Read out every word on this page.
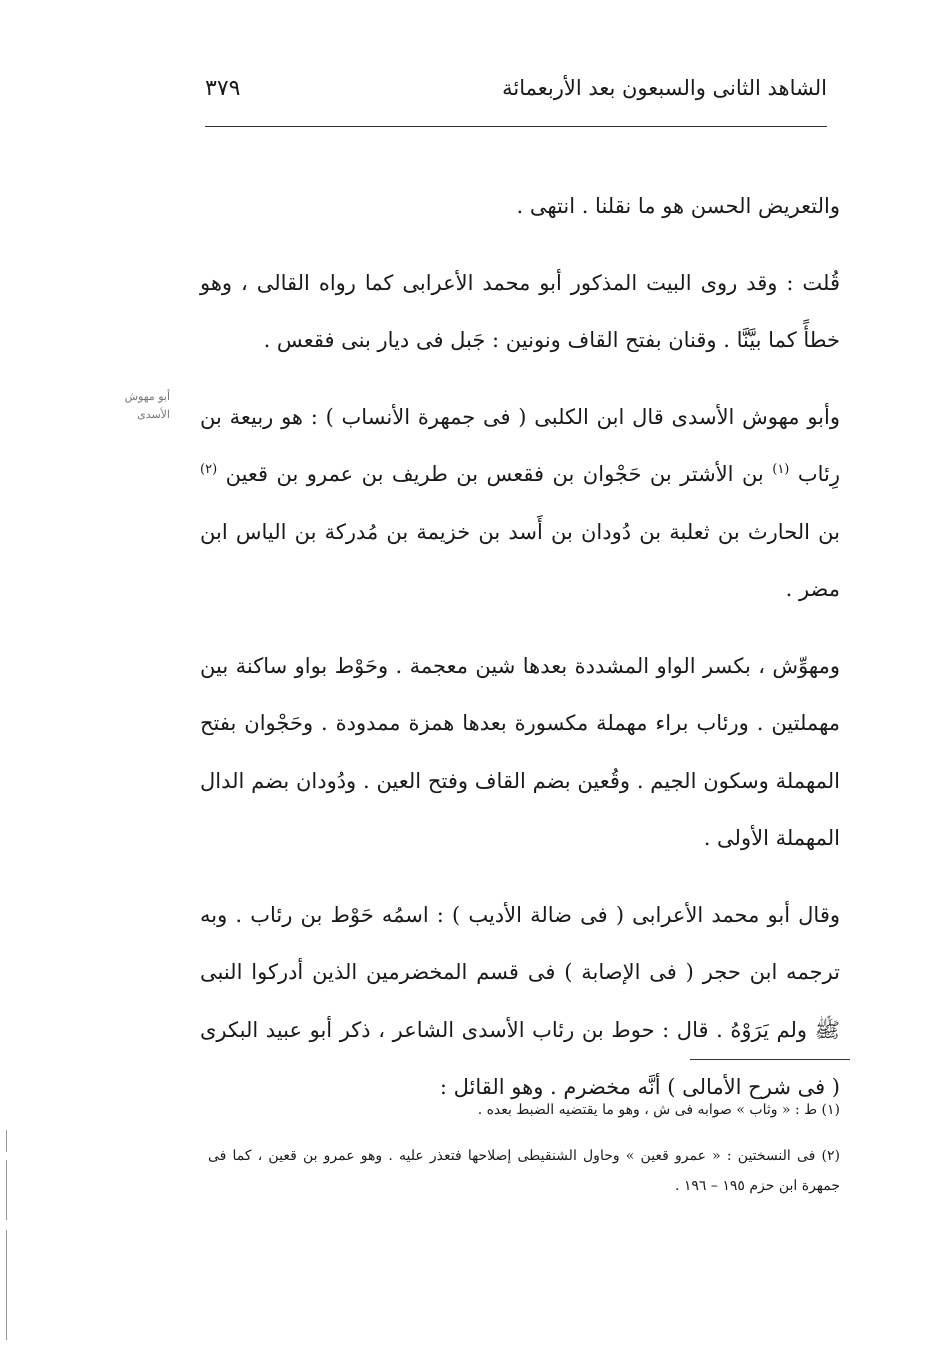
٣٧٩	الشاهد الثانى والسبعون بعد الأربعمائة
أبو مهوش الأسدى

والتعريض الحسن هو ما نقلنا . انتهى .

قُلت : وقد روى البيت المذكور أبو محمد الأعرابى كما رواه القالى ، وهو خطأً كما بيَّنَّا . وقنان بفتح القاف ونونين : جَبل فى ديار بنى فقعس .

وأبو مهوش الأسدى قال ابن الكلبى ( فى جمهرة الأنساب ) : هو ربيعة بن رِئاب $^{(١)}$ بن الأشتر بن حَجْوان بن فقعس بن طريف بن عمرو بن قعين $^{(٢)}$ بن الحارث بن ثعلبة بن دُودان بن أَسد بن خزيمة بن مُدركة بن الياس ابن مضر .

ومهوِّش ، بكسر الواو المشددة بعدها شين معجمة . وحَوْط بواو ساكنة بين مهملتين . ورئاب براء مهملة مكسورة بعدها همزة ممدودة . وحَجْوان بفتح المهملة وسكون الجيم . وقُعين بضم القاف وفتح العين . ودُودان بضم الدال المهملة الأولى .

وقال أبو محمد الأعرابى ( فى ضالة الأديب ) : اسمُه حَوْط بن رئاب . وبه ترجمه ابن حجر ( فى الإصابة ) فى قسم المخضرمين الذين أدركوا النبى ﷺ ولم يَرَوْهُ . قال : حوط بن رئاب الأسدى الشاعر ، ذكر أبو عبيد البكرى ( فى شرح الأمالى ) أنَّه مخضرم . وهو القائل :

(١) ط : « وثاب » صوابه فى ش ، وهو ما يقتضيه الضبط بعده .

(٢) فى النسختين : « عمرو قعين » وحاول الشنقيطى إصلاحها فتعذر عليه . وهو عمرو بن قعين ، كما فى جمهرة ابن حزم ١٩٥ – ١٩٦ .
